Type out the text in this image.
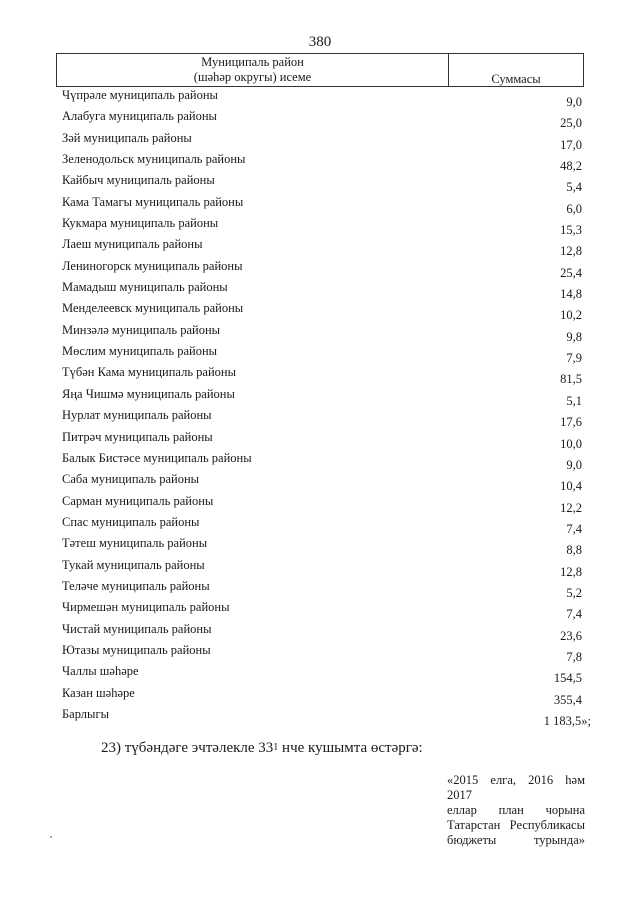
380
Муниципаль район
(шәһәр округы) исеме	Суммасы
Чүпрәле муниципаль районы	9,0
Алабуга муниципаль районы	25,0
Зәй муниципаль районы	17,0
Зеленодольск муниципаль районы	48,2
Кайбыч муниципаль районы	5,4
Кама Тамагы муниципаль районы	6,0
Кукмара муниципаль районы	15,3
Лаеш муниципаль районы	12,8
Лениногорск муниципаль районы	25,4
Мамадыш муниципаль районы	14,8
Менделеевск муниципаль районы	10,2
Минзәлә муниципаль районы	9,8
Мөслим муниципаль районы	7,9
Түбән Кама муниципаль районы	81,5
Яңа Чишмә муниципаль районы	5,1
Нурлат муниципаль районы	17,6
Питрәч муниципаль районы	10,0
Балык Бистәсе муниципаль районы	9,0
Саба муниципаль районы	10,4
Сарман муниципаль районы	12,2
Спас муниципаль районы	7,4
Тәтеш муниципаль районы	8,8
Тукай муниципаль районы	12,8
Теләче муниципаль районы	5,2
Чирмешән муниципаль районы	7,4
Чистай муниципаль районы	23,6
Ютазы муниципаль районы	7,8
Чаллы шәһәре	154,5
Казан шәһәре	355,4
Барлыгы	1 183,5»;
23) түбәндәге эчтәлекле $33^1$ нче кушымта өстәргә:
«2015 елга, 2016 һәм 2017
еллар план чорына
Татарстан Республикасы
бюджеты турында»
